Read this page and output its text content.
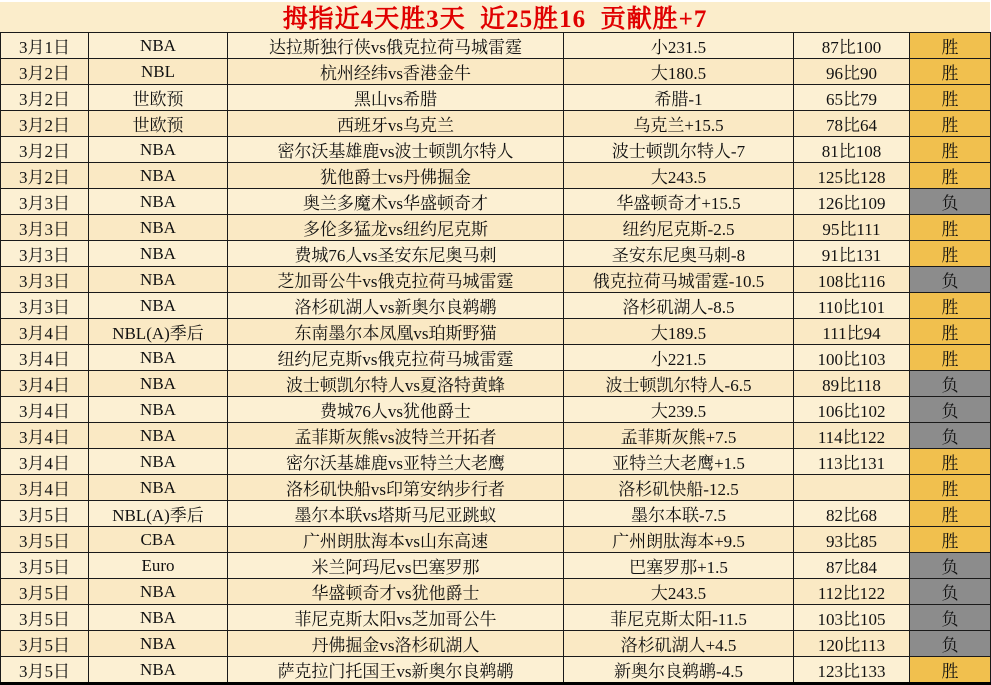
拇指近4天胜3天  近25胜16  贡献胜+7
3月1日	NBA	达拉斯独行侠vs俄克拉荷马城雷霆	小231.5	87比100	胜
3月2日	NBL	杭州经纬vs香港金牛	大180.5	96比90	胜
3月2日	世欧预	黑山vs希腊	希腊-1	65比79	胜
3月2日	世欧预	西班牙vs乌克兰	乌克兰+15.5	78比64	胜
3月2日	NBA	密尔沃基雄鹿vs波士顿凯尔特人	波士顿凯尔特人-7	81比108	胜
3月2日	NBA	犹他爵士vs丹佛掘金	大243.5	125比128	胜
3月3日	NBA	奥兰多魔术vs华盛顿奇才	华盛顿奇才+15.5	126比109	负
3月3日	NBA	多伦多猛龙vs纽约尼克斯	纽约尼克斯-2.5	95比111	胜
3月3日	NBA	费城76人vs圣安东尼奥马刺	圣安东尼奥马刺-8	91比131	胜
3月3日	NBA	芝加哥公牛vs俄克拉荷马城雷霆	俄克拉荷马城雷霆-10.5	108比116	负
3月3日	NBA	洛杉矶湖人vs新奥尔良鹈鹕	洛杉矶湖人-8.5	110比101	胜
3月4日	NBL(A)季后	东南墨尔本凤凰vs珀斯野猫	大189.5	111比94	胜
3月4日	NBA	纽约尼克斯vs俄克拉荷马城雷霆	小221.5	100比103	胜
3月4日	NBA	波士顿凯尔特人vs夏洛特黄蜂	波士顿凯尔特人-6.5	89比118	负
3月4日	NBA	费城76人vs犹他爵士	大239.5	106比102	负
3月4日	NBA	孟菲斯灰熊vs波特兰开拓者	孟菲斯灰熊+7.5	114比122	负
3月4日	NBA	密尔沃基雄鹿vs亚特兰大老鹰	亚特兰大老鹰+1.5	113比131	胜
3月4日	NBA	洛杉矶快船vs印第安纳步行者	洛杉矶快船-12.5		胜
3月5日	NBL(A)季后	墨尔本联vs塔斯马尼亚跳蚁	墨尔本联-7.5	82比68	胜
3月5日	CBA	广州朗肽海本vs山东高速	广州朗肽海本+9.5	93比85	胜
3月5日	Euro	米兰阿玛尼vs巴塞罗那	巴塞罗那+1.5	87比84	负
3月5日	NBA	华盛顿奇才vs犹他爵士	大243.5	112比122	负
3月5日	NBA	菲尼克斯太阳vs芝加哥公牛	菲尼克斯太阳-11.5	103比105	负
3月5日	NBA	丹佛掘金vs洛杉矶湖人	洛杉矶湖人+4.5	120比113	负
3月5日	NBA	萨克拉门托国王vs新奥尔良鹈鹕	新奥尔良鹈鹕-4.5	123比133	胜
